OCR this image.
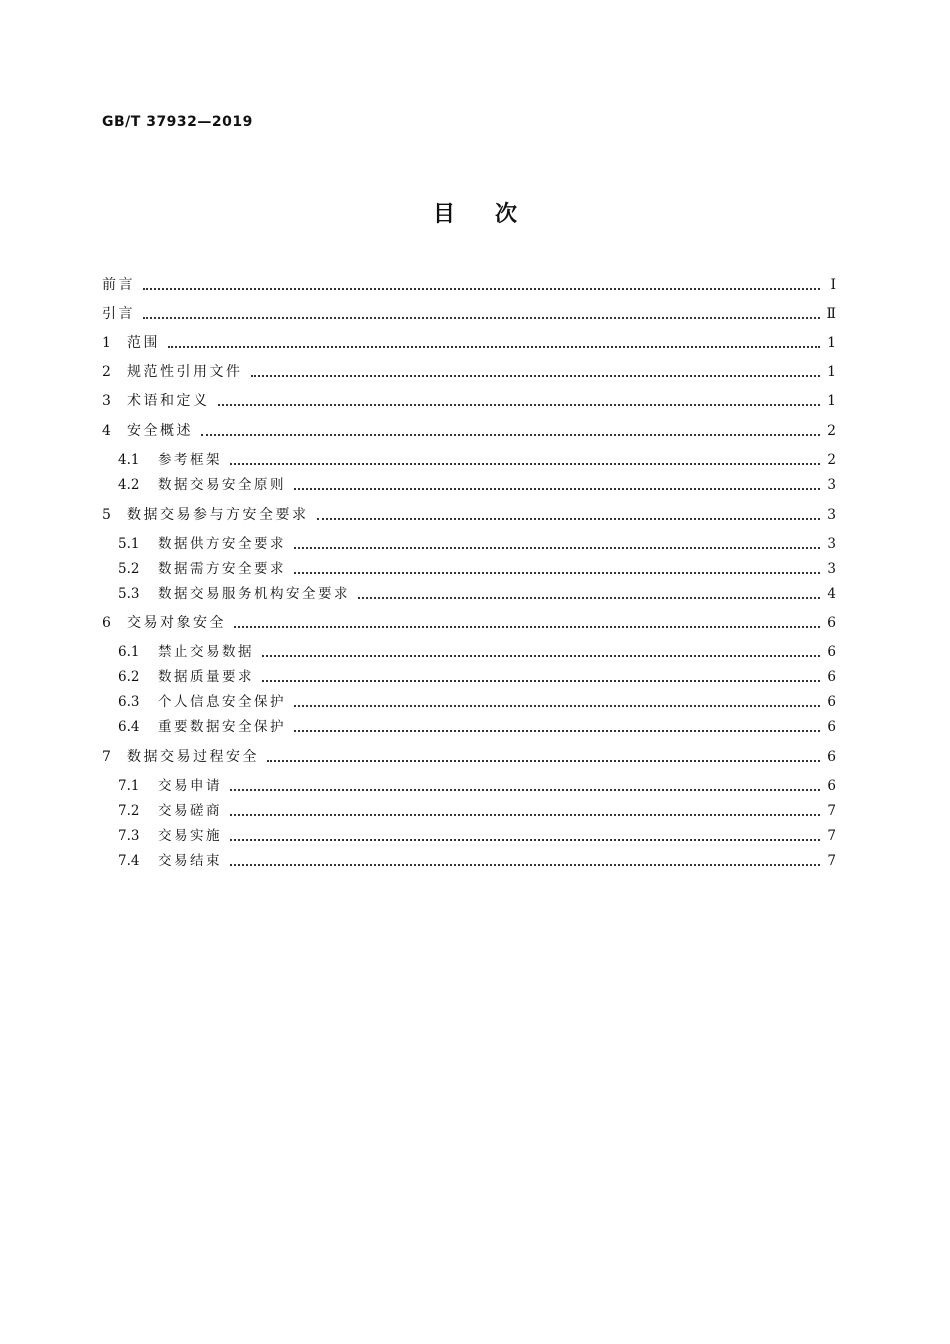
GB/T 37932—2019
目次
前言	Ⅰ
引言	Ⅱ
1	范围	1
2	规范性引用文件	1
3	术语和定义	1
4	安全概述	2
4.1	参考框架	2
4.2	数据交易安全原则	3
5	数据交易参与方安全要求	3
5.1	数据供方安全要求	3
5.2	数据需方安全要求	3
5.3	数据交易服务机构安全要求	4
6	交易对象安全	6
6.1	禁止交易数据	6
6.2	数据质量要求	6
6.3	个人信息安全保护	6
6.4	重要数据安全保护	6
7	数据交易过程安全	6
7.1	交易申请	6
7.2	交易磋商	7
7.3	交易实施	7
7.4	交易结束	7
